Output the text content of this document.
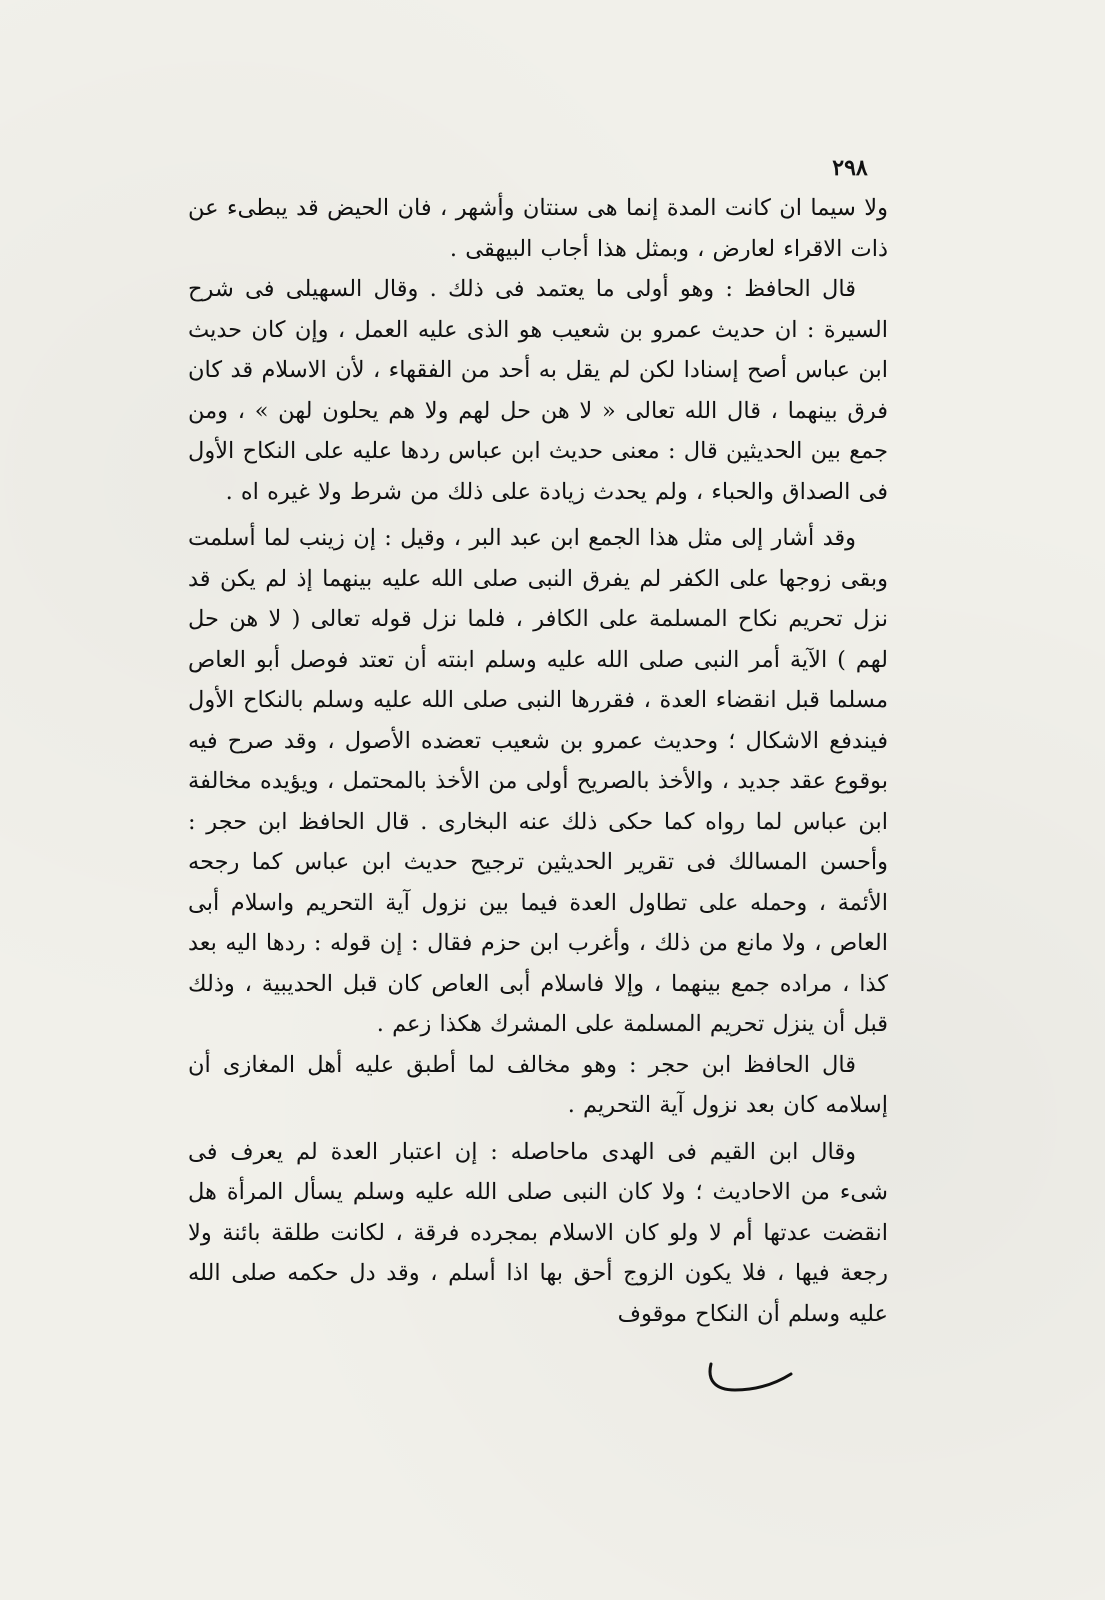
٢٩٨

ولا سيما ان كانت المدة إنما هى سنتان وأشهر ، فان الحيض قد يبطىء عن ذات الاقراء لعارض ، وبمثل هذا أجاب البيهقى .

قال الحافظ : وهو أولى ما يعتمد فى ذلك . وقال السهيلى فى شرح السيرة : ان حديث عمرو بن شعيب هو الذى عليه العمل ، وإن كان حديث ابن عباس أصح إسنادا لكن لم يقل به أحد من الفقهاء ، لأن الاسلام قد كان فرق بينهما ، قال الله تعالى « لا هن حل لهم ولا هم يحلون لهن » ، ومن جمع بين الحديثين قال : معنى حديث ابن عباس ردها عليه على النكاح الأول فى الصداق والحباء ، ولم يحدث زيادة على ذلك من شرط ولا غيره اه .

وقد أشار إلى مثل هذا الجمع ابن عبد البر ، وقيل : إن زينب لما أسلمت وبقى زوجها على الكفر لم يفرق النبى صلى الله عليه بينهما إذ لم يكن قد نزل تحريم نكاح المسلمة على الكافر ، فلما نزل قوله تعالى ( لا هن حل لهم ) الآية أمر النبى صلى الله عليه وسلم ابنته أن تعتد فوصل أبو العاص مسلما قبل انقضاء العدة ، فقررها النبى صلى الله عليه وسلم بالنكاح الأول فيندفع الاشكال ؛ وحديث عمرو بن شعيب تعضده الأصول ، وقد صرح فيه بوقوع عقد جديد ، والأخذ بالصريح أولى من الأخذ بالمحتمل ، ويؤيده مخالفة ابن عباس لما رواه كما حكى ذلك عنه البخارى . قال الحافظ ابن حجر : وأحسن المسالك فى تقرير الحديثين ترجيح حديث ابن عباس كما رجحه الأئمة ، وحمله على تطاول العدة فيما بين نزول آية التحريم واسلام أبى العاص ، ولا مانع من ذلك ، وأغرب ابن حزم فقال : إن قوله : ردها اليه بعد كذا ، مراده جمع بينهما ، وإلا فاسلام أبى العاص كان قبل الحديبية ، وذلك قبل أن ينزل تحريم المسلمة على المشرك هكذا زعم .

قال الحافظ ابن حجر : وهو مخالف لما أطبق عليه أهل المغازى أن إسلامه كان بعد نزول آية التحريم .

وقال ابن القيم فى الهدى ماحاصله : إن اعتبار العدة لم يعرف فى شىء من الاحاديث ؛ ولا كان النبى صلى الله عليه وسلم يسأل المرأة هل انقضت عدتها أم لا ولو كان الاسلام بمجرده فرقة ، لكانت طلقة بائنة ولا رجعة فيها ، فلا يكون الزوج أحق بها اذا أسلم ، وقد دل حكمه صلى الله عليه وسلم أن النكاح موقوف
